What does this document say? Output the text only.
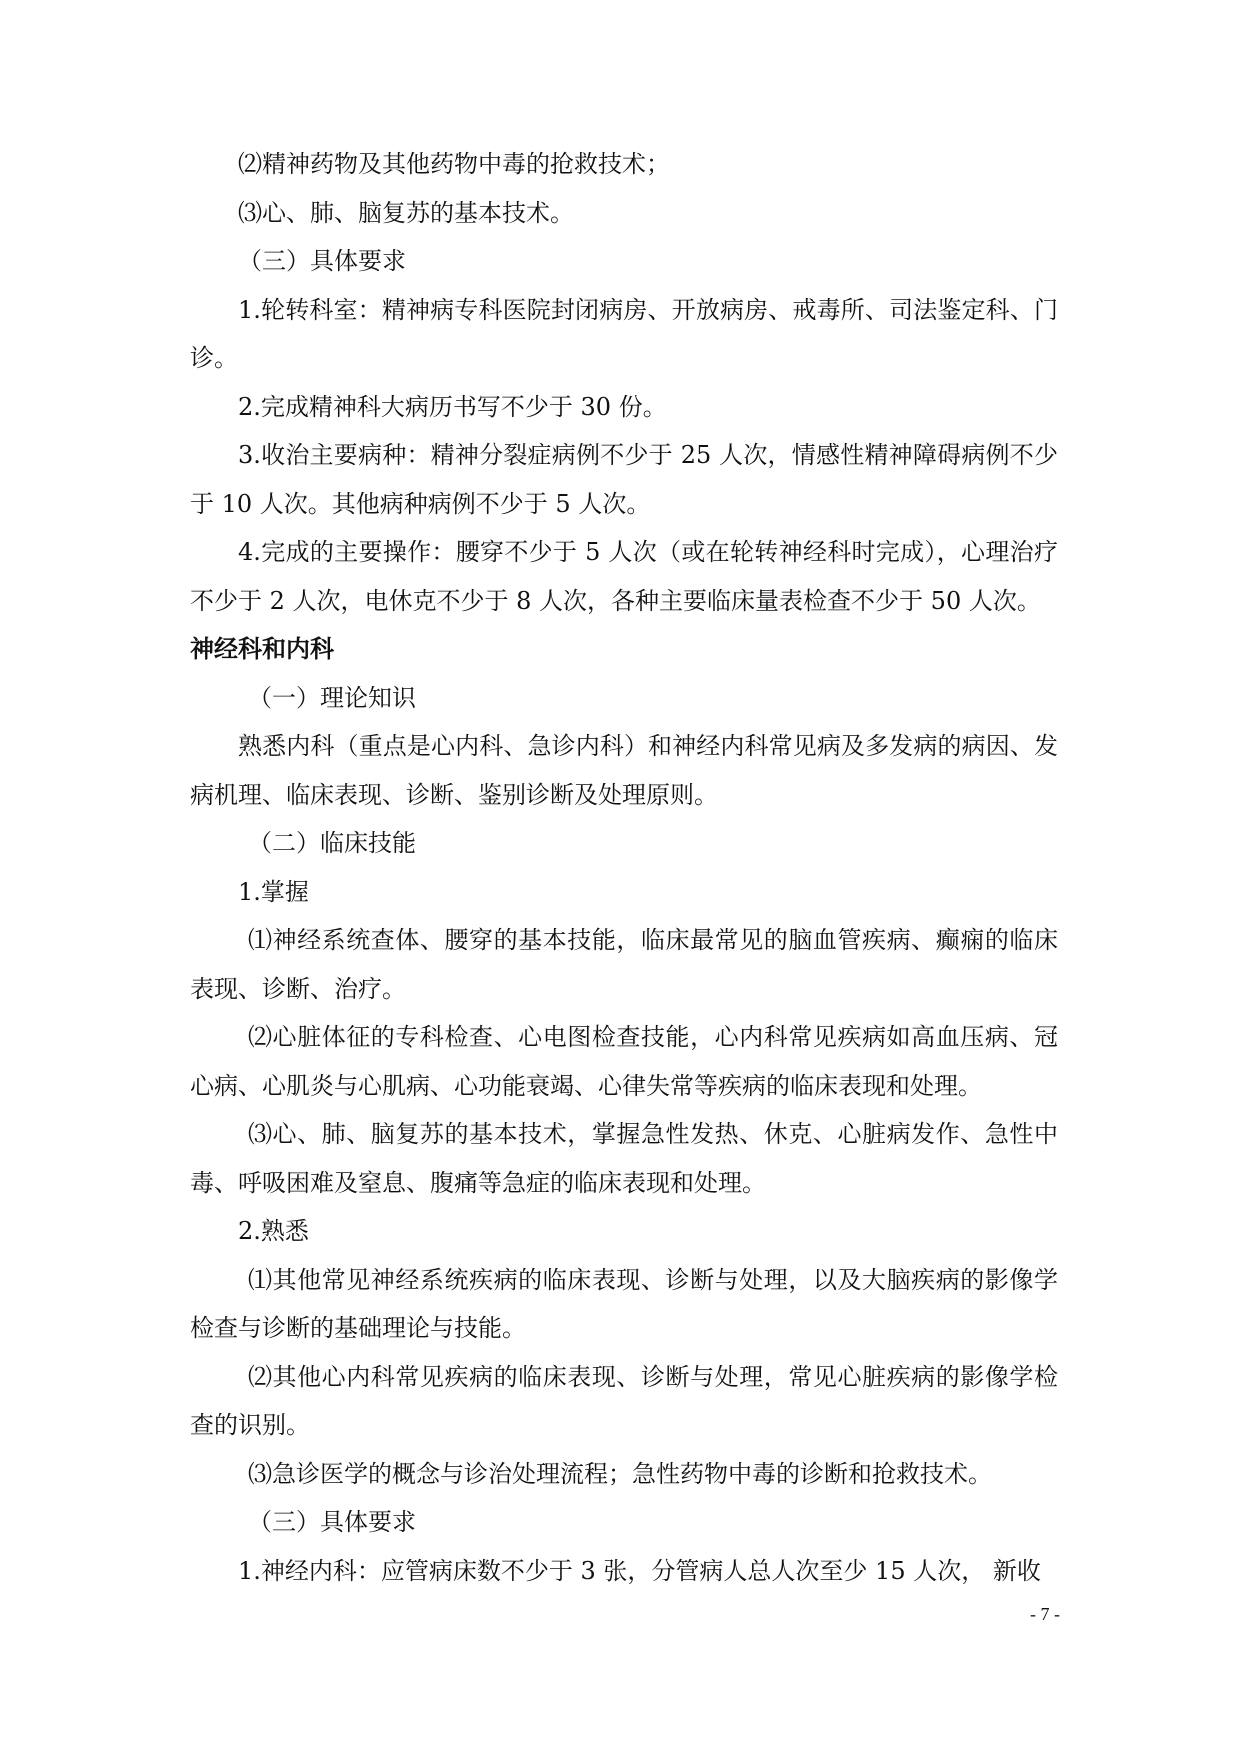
⑵精神药物及其他药物中毒的抢救技术；

⑶心、肺、脑复苏的基本技术。

（三）具体要求

1.轮转科室：精神病专科医院封闭病房、开放病房、戒毒所、司法鉴定科、门诊。

2.完成精神科大病历书写不少于 30 份。

3.收治主要病种：精神分裂症病例不少于 25 人次，情感性精神障碍病例不少于 10 人次。其他病种病例不少于 5 人次。

4.完成的主要操作：腰穿不少于 5 人次（或在轮转神经科时完成），心理治疗不少于 2 人次，电休克不少于 8 人次，各种主要临床量表检查不少于 50 人次。

神经科和内科

（一）理论知识

熟悉内科（重点是心内科、急诊内科）和神经内科常见病及多发病的病因、发病机理、临床表现、诊断、鉴别诊断及处理原则。

（二）临床技能

1.掌握

⑴神经系统查体、腰穿的基本技能，临床最常见的脑血管疾病、癫痫的临床表现、诊断、治疗。

⑵心脏体征的专科检查、心电图检查技能，心内科常见疾病如高血压病、冠心病、心肌炎与心肌病、心功能衰竭、心律失常等疾病的临床表现和处理。

⑶心、肺、脑复苏的基本技术，掌握急性发热、休克、心脏病发作、急性中毒、呼吸困难及窒息、腹痛等急症的临床表现和处理。

2.熟悉

⑴其他常见神经系统疾病的临床表现、诊断与处理，以及大脑疾病的影像学检查与诊断的基础理论与技能。

⑵其他心内科常见疾病的临床表现、诊断与处理，常见心脏疾病的影像学检查的识别。

⑶急诊医学的概念与诊治处理流程；急性药物中毒的诊断和抢救技术。

（三）具体要求

1.神经内科：应管病床数不少于 3 张，分管病人总人次至少 15 人次， 新收

- 7 -
